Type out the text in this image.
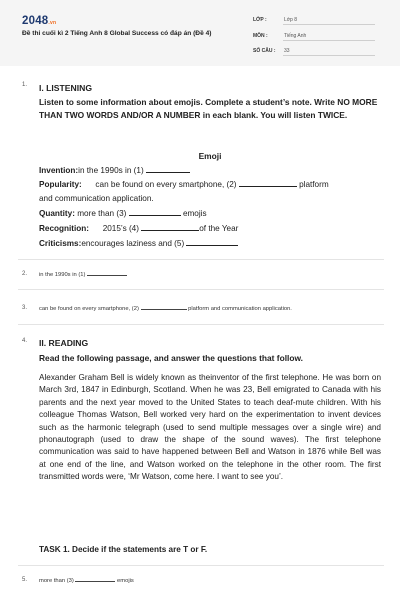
2048.vn
Đề thi cuối kì 2 Tiếng Anh 8 Global Success có đáp án (Đề 4)
LỚP :	Lớp 8
MÔN :	Tiếng Anh
SỐ CÂU : 33
1. I. LISTENING
Listen to some information about emojis. Complete a student’s note. Write NO MORE THAN TWO WORDS AND/OR A NUMBER in each blank. You will listen TWICE.
Emoji
Invention:in the 1990s in (1)
Popularity: can be found on every smartphone, (2)	platform
and communication application.
Quantity: more than (3)	emojis
Recognition: 2015’s (4)	of the Year
Criticisms:encourages laziness and (5)
2. in the 1990s in (1)
3. can be found on every smartphone, (2)	platform and communication application.
4. II. READING
Read the following passage, and answer the questions that follow.
Alexander Graham Bell is widely known as theinventor of the first telephone. He was born on March 3rd, 1847 in Edinburgh, Scotland. When he was 23, Bell emigrated to Canada with his parents and the next year moved to the United States to teach deaf-mute children. With his colleague Thomas Watson, Bell worked very hard on the experimentation to invent devices such as the harmonic telegraph (used to send multiple messages over a single wire) and phonautograph (used to draw the shape of the sound waves). The first telephone communication was said to have happened between Bell and Watson in 1876 while Bell was at one end of the line, and Watson worked on the telephone in the other room. The first transmitted words were, ‘Mr Watson, come here. I want to see you’.
TASK 1. Decide if the statements are T or F.
5. more than (3)	emojis
